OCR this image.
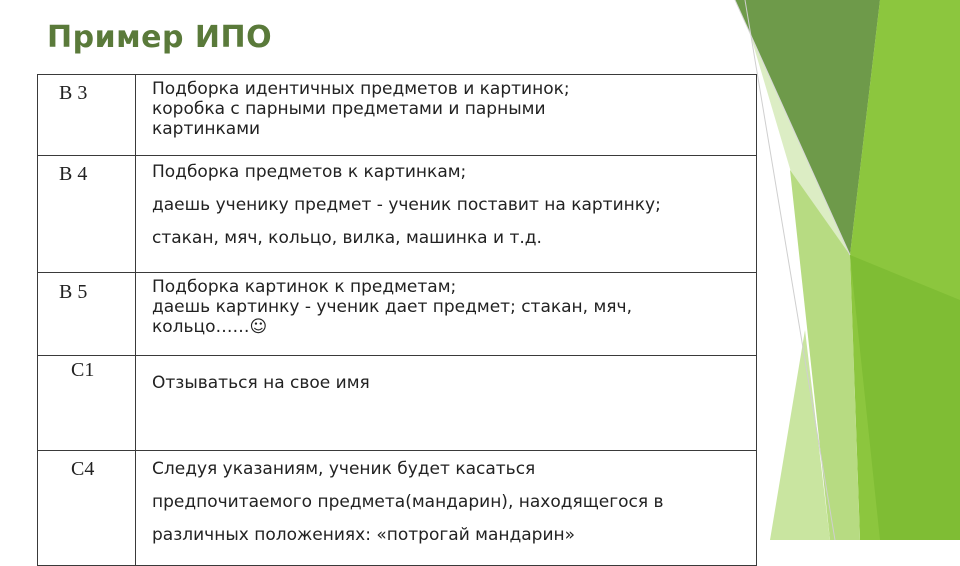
Пример ИПО
В 3	Подборка идентичных предметов и картинок;
коробка с парными предметами и парными
картинками

В 4	Подборка предметов к картинкам;
даешь ученику предмет - ученик поставит на картинку;
стакан, мяч, кольцо, вилка, машинка и т.д.

В 5	Подборка картинок к предметам;
даешь картинку - ученик дает предмет; стакан, мяч,
кольцо……☺

С1	Отзываться на свое имя

С4	Следуя указаниям, ученик будет касаться
предпочитаемого предмета(мандарин), находящегося в
различных положениях: «потрогай мандарин»
